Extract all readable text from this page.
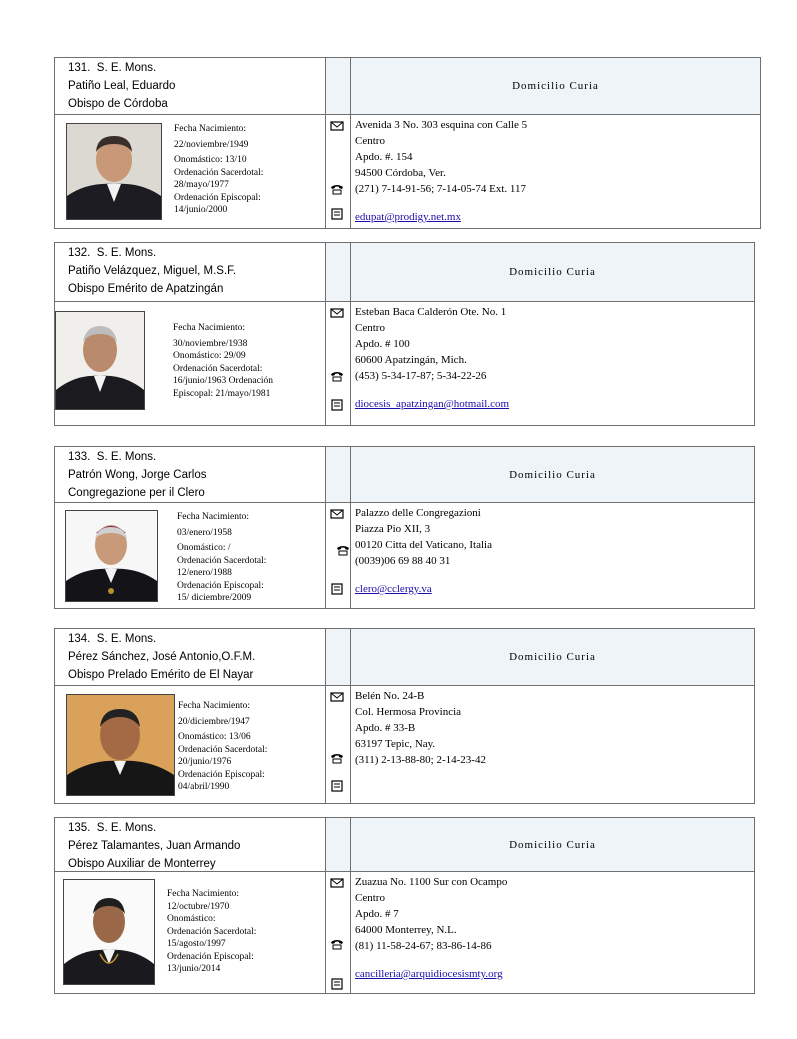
131. S. E. Mons.
Patiño Leal, Eduardo
Obispo de Córdoba
Domicilio Curia
Fecha Nacimiento:
22/noviembre/1949
Onomástico: 13/10
Ordenación Sacerdotal:
28/mayo/1977
Ordenación Episcopal:
14/junio/2000
Avenida 3 No. 303 esquina con Calle 5
Centro
Apdo. #. 154
94500 Córdoba, Ver.
(271) 7-14-91-56; 7-14-05-74 Ext. 117
edupat@prodigy.net.mx
132. S. E. Mons.
Patiño Velázquez, Miguel, M.S.F.
Obispo Emérito de Apatzingán
Domicilio Curia
Fecha Nacimiento:
30/noviembre/1938
Onomástico: 29/09
Ordenación Sacerdotal:
16/junio/1963 Ordenación
Episcopal: 21/mayo/1981
Esteban Baca Calderón Ote. No. 1
Centro
Apdo. # 100
60600 Apatzingán, Mich.
(453) 5-34-17-87; 5-34-22-26
diocesis_apatzingan@hotmail.com
133. S. E. Mons.
Patrón Wong, Jorge Carlos
Congregazione per il Clero
Domicilio Curia
Fecha Nacimiento:
03/enero/1958
Onomástico: /
Ordenación Sacerdotal:
12/enero/1988
Ordenación Episcopal:
15/ diciembre/2009
Palazzo delle Congregazioni
Piazza Pio XII, 3
00120 Citta del Vaticano, Italia
(0039)06 69 88 40 31
clero@cclergy.va
134. S. E. Mons.
Pérez Sánchez, José Antonio,O.F.M.
Obispo Prelado Emérito de El Nayar
Domicilio Curia
Fecha Nacimiento:
20/diciembre/1947
Onomástico: 13/06
Ordenación Sacerdotal:
20/junio/1976
Ordenación Episcopal:
04/abril/1990
Belén No. 24-B
Col. Hermosa Provincia
Apdo. # 33-B
63197 Tepic, Nay.
(311) 2-13-88-80; 2-14-23-42
135. S. E. Mons.
Pérez Talamantes, Juan Armando
Obispo Auxiliar de Monterrey
Domicilio Curia
Fecha Nacimiento:
12/octubre/1970
Onomástico:
Ordenación Sacerdotal:
15/agosto/1997
Ordenación Episcopal:
13/junio/2014
Zuazua No. 1100 Sur con Ocampo
Centro
Apdo. # 7
64000 Monterrey, N.L.
(81) 11-58-24-67; 83-86-14-86
cancilleria@arquidiocesismty.org
